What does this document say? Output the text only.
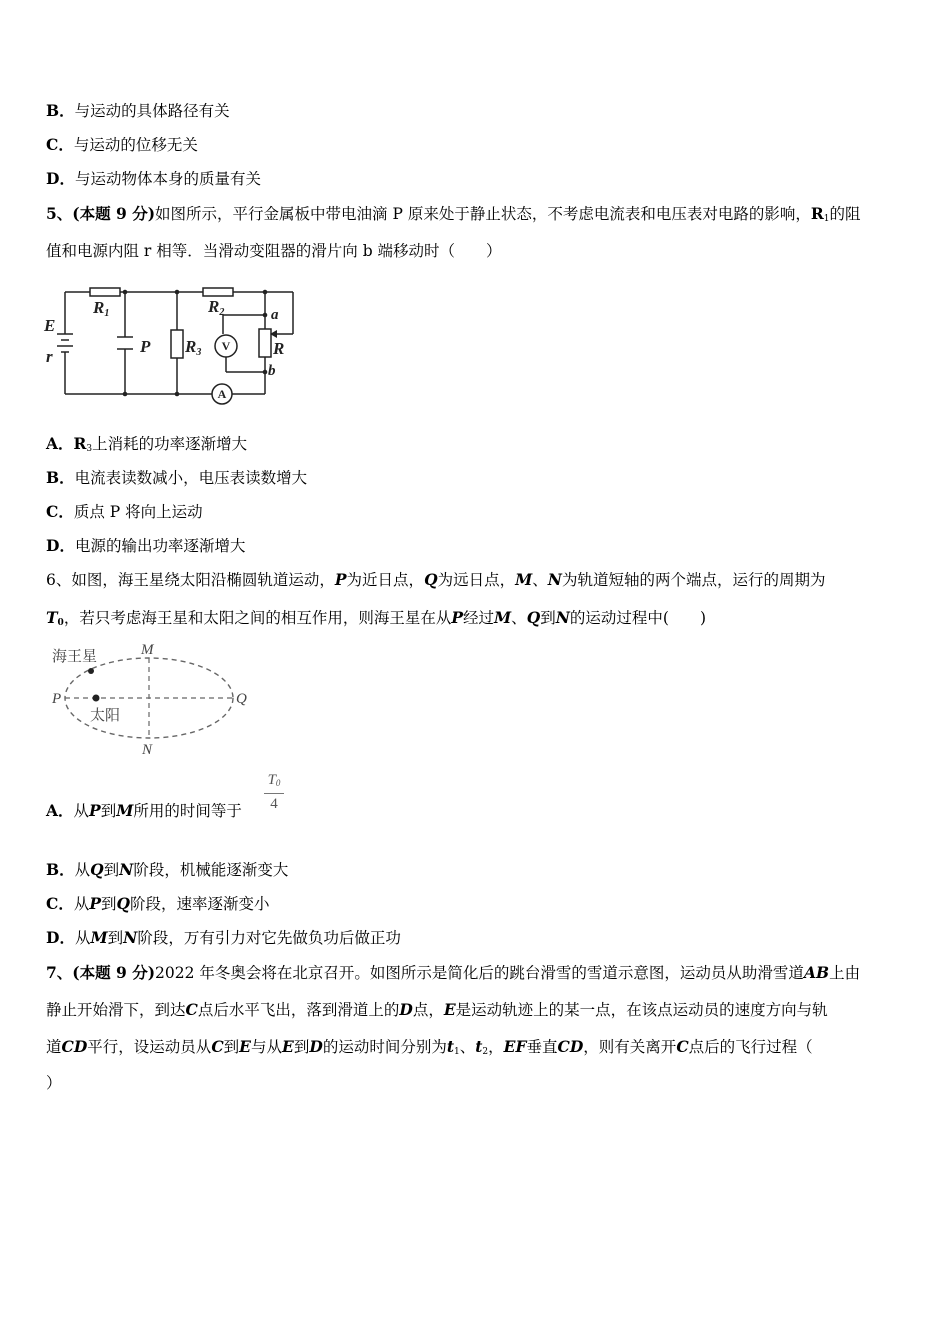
B．与运动的具体路径有关
C．与运动的位移无关
D．与运动物体本身的质量有关
5、(本题 9 分)如图所示，平行金属板中带电油滴 P 原来处于静止状态，不考虑电流表和电压表对电路的影响，$R_1$的阻
值和电源内阻 r 相等．当滑动变阻器的滑片向 b 端移动时（　　）
R1	R2
R3	R
E
r
P
a
b
V
A
A．$R_3$上消耗的功率逐渐增大
B．电流表读数减小，电压表读数增大
C．质点 P 将向上运动
D．电源的输出功率逐渐增大
6、如图，海王星绕太阳沿椭圆轨道运动，P为近日点，Q为远日点，M、N为轨道短轴的两个端点，运行的周期为
$T_0$，若只考虑海王星和太阳之间的相互作用，则海王星在从P经过M、Q到N的运动过程中(　　)
海王星
太阳
M
N
P	Q
A．从P到M所用的时间等于
$T_0$
4
B．从Q到N阶段，机械能逐渐变大
C．从P到Q阶段，速率逐渐变小
D．从M到N阶段，万有引力对它先做负功后做正功
7、(本题 9 分)2022 年冬奥会将在北京召开。如图所示是简化后的跳台滑雪的雪道示意图，运动员从助滑雪道AB上由
静止开始滑下，到达C点后水平飞出，落到滑道上的D点，E是运动轨迹上的某一点，在该点运动员的速度方向与轨
道CD平行，设运动员从C到E与从E到D的运动时间分别为$t_1$、$t_2$，EF垂直CD，则有关离开C点后的飞行过程（
）
